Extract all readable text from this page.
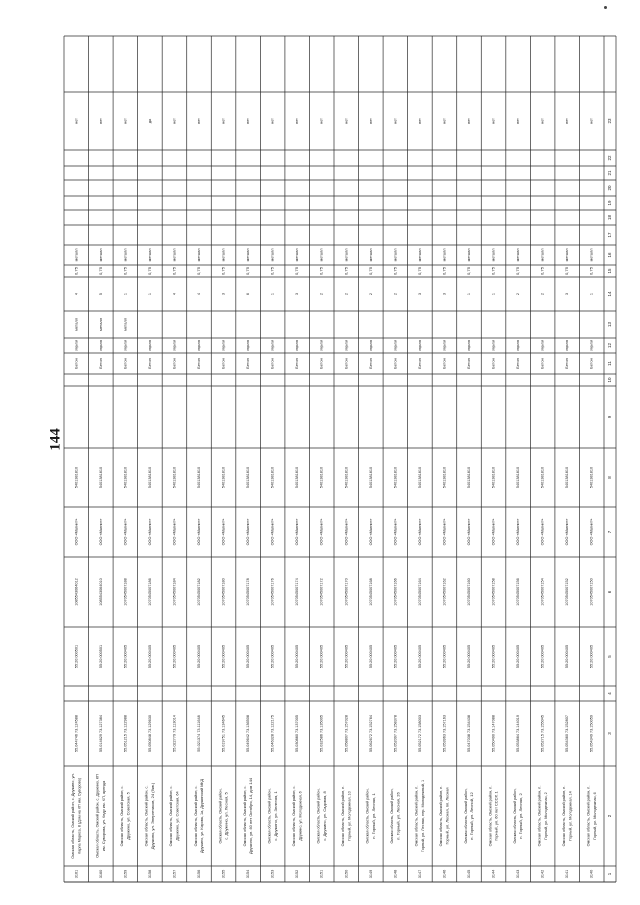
144
1
2
3
4
5
6
7
8
9
10
11
12
13
14
15
16
17
18
19
20
21
22
23
3140
Омская область, Омский район, п. Горный, ул. Молодежная, 6
55.054349 73.150059
55:20:000405
1070545007150
ООО «Магнит»
5401381810
Бетон
открытая
1
0,75
металл
нет
3141
Омская область, Омский район, п. Горный, ул. Молодежная, 14
55.054360 73.152807
55:20:000405
1070545007152
ООО «Магнит»
5401381810
Бетон
открытая
3
0,75
металл
нет
3142
Омская область, Омский район, п. Горный, ул. Молодежная, 2
55.052715 73.155045
55:20:000405
1070545007154
ООО «Магнит»
5401381810
Бетон
открытая
2
0,75
металл
нет
3143
Омская область, Омский район, п. Горный, ул. Лесная, 2
55.053864 73.144019
55:20:000405
1070545007156
ООО «Магнит»
5401381810
Бетон
открытая
2
0,75
металл
нет
3144
Омская область, Омский район, п. Горный, ул. 60 лет СССР, 1
55.050490 73.147088
55:20:000405
1070545007158
ООО «Магнит»
5401381810
Бетон
открытая
1
0,75
металл
нет
3145
Омская область, Омский район, п. Горный, ул. Лесной, 12
55.047038 73.154438
55:20:000405
1070545007160
ООО «Магнит»
5401381810
Бетон
открытая
1
0,75
металл
нет
3146
Омская область, Омский район, п. Горный, ул. Лесная, пл. Лесная
55.053963 73.157163
55:20:000405
1070545007162
ООО «Магнит»
5401381810
Бетон
открытая
3
0,75
металл
нет
3147
Омская область, Омский район, п. Горный, ул. Лесная, пер. Молодежный, 1
55.052172 73.158003
55:20:000405
1070545007164
ООО «Магнит»
5401381810
Бетон
открытая
3
0,75
металл
нет
3148
Омская область, Омский район, п. Горный, ул. Лесная, 26
55.052097 73.158378
55:20:000405
1070545007166
ООО «Магнит»
5401381810
Бетон
открытая
2
0,75
металл
нет
3149
Омская область, Омский район, п. Горный, ул. Лесная, 1
55.062672 73.152764
55:20:000405
1070545007168
ООО «Магнит»
5401381810
Бетон
открытая
2
0,75
металл
нет
3150
Омская область, Омский район, п. Горный, ул. Молодежная, 10
55.058807 73.157028
55:20:000405
1070545007170
ООО «Магнит»
5401381810
Бетон
открытая
2
0,75
металл
нет
3151
Омская область, Омский район, с. Дружино, ул. Садовая, 8
55.032586 73.135005
55:20:000405
1070545007172
ООО «Магнит»
5401381810
Бетон
открытая
2
0,75
металл
нет
3152
Омская область, Омский район, с. Дружино, ул. Молодежная, 6
55.030880 73.137005
55:20:000405
1070545007174
ООО «Магнит»
5401381810
Бетон
открытая
3
0,75
металл
нет
3153
Омская область, Омский район, с. Дружино, ул. Зеленая, 1
55.046328 73.122175
55:20:000405
1070545007176
ООО «Магнит»
5401381810
Бетон
открытая
1
0,75
металл
нет
3154
Омская область, Омский район, с. Дружино, ул. 60 лет Октября, 14, дом 144
55.049642 73.136508
55:20:000405
1070545007178
ООО «Магнит»
5401381810
Бетон
открытая
6
0,75
металл
нет
3155
Омская область, Омский район, с. Дружино, ул. Лесная, 5
55.019751 73.134645
55:20:000405
1070545007180
ООО «Магнит»
5401381810
Бетон
открытая
3
0,75
металл
нет
3156
Омская область, Омский район, с. Дружино, ул. Кирова, 1а, Дружинский МКД
55.021374 73.111648
55:20:000405
1070545007182
ООО «Магнит»
5401381810
Бетон
открытая
4
0,75
металл
нет
3157
Омская область, Омский район, с. Дружино, ул. Советская, 64
55.022779 73.113014
55:20:000405
1070545007184
ООО «Магнит»
5401381810
Бетон
открытая
4
0,75
металл
нет
3158
Омская область, Омский район, с. Дружино, ул. Энергетиков, 24 (9кв.)
55.050848 73.129630
55:20:000405
1070545007186
ООО «Магнит»
5401381810
Бетон
открытая
1
0,75
металл
да
3159
Омская область, Омский район, с. Дружино, ул. Советская, 5
55.051215 73.122988
55:20:000405
1070545007188
ООО «Магнит»
5401381810
Бетон
открытая
металл
1
0,75
металл
нет
3160
Омская область, Омский район, с. Дружино, КП им. Суворова, ул. Кедр им. КП, аренда
55.014629 73.127384
55:20:000501
1085543064010
ООО «Магнит»
5401381810
Бетон
открытая
металл
5
0,75
металл
нет
3161
Омская область, Омский район, с. Дружино, ул. Карла Маркса, 8 (Дом на КП им. Суворова)
55.044746 73.124588
55:20:000501
1085543064012
ООО «Магнит»
5401381810
Бетон
открытая
металл
4
0,75
металл
нет
